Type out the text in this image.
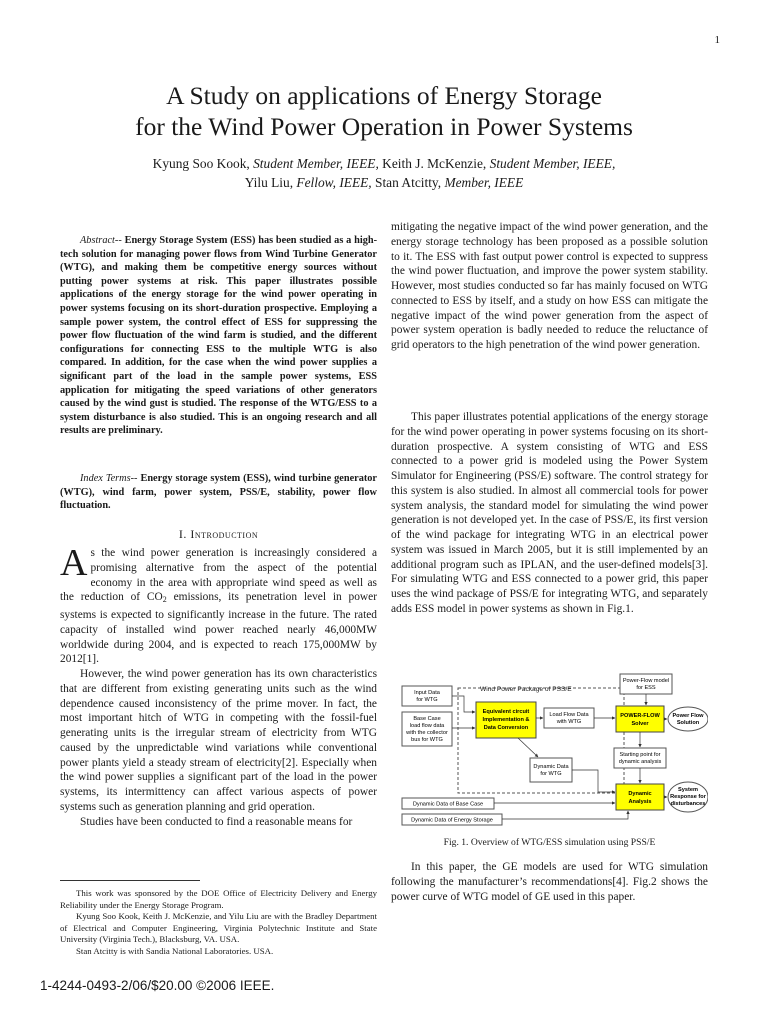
1
A Study on applications of Energy Storage
for the Wind Power Operation in Power Systems
Kyung Soo Kook, Student Member, IEEE, Keith J. McKenzie, Student Member, IEEE,
Yilu Liu, Fellow, IEEE, Stan Atcitty, Member, IEEE
Abstract-- Energy Storage System (ESS) has been studied as a high-tech solution for managing power flows from Wind Turbine Generator (WTG), and making them be competitive energy sources without putting power systems at risk. This paper illustrates possible applications of the energy storage for the wind power operating in power systems focusing on its short-duration prospective. Employing a sample power system, the control effect of ESS for suppressing the power flow fluctuation of the wind farm is studied, and the different configurations for connecting ESS to the multiple WTG is also compared. In addition, for the case when the wind power supplies a significant part of the load in the sample power systems, ESS application for mitigating the speed variations of other generators caused by the wind gust is studied. The response of the WTG/ESS to a system disturbance is also studied. This is an ongoing research and all results are preliminary.
Index Terms-- Energy storage system (ESS), wind turbine generator (WTG), wind farm, power system, PSS/E, stability, power flow fluctuation.
I. Introduction

As the wind power generation is increasingly considered a promising alternative from the aspect of the potential economy in the area with appropriate wind speed as well as the reduction of $CO_2$ emissions, its penetration level in power systems is expected to significantly increase in the future. The rated capacity of installed wind power reached nearly 46,000MW worldwide during 2004, and is expected to reach 175,000MW by 2012[1].

However, the wind power generation has its own characteristics that are different from existing generating units such as the wind dependence caused inconsistency of the prime mover. In fact, the most important hitch of WTG in competing with the fossil-fuel generating units is the irregular stream of electricity from WTG caused by the unpredictable wind variations while conventional power plants yield a steady stream of electricity[2]. Especially when the wind power supplies a significant part of the load in the power systems, its intermittency can affect various aspects of power systems such as generation planning and grid operation.

Studies have been conducted to find a reasonable means for

This work was sponsored by the DOE Office of Electricity Delivery and Energy Reliability under the Energy Storage Program.

Kyung Soo Kook, Keith J. McKenzie, and Yilu Liu are with the Bradley Department of Electrical and Computer Engineering, Virginia Polytechnic Institute and State University (Virginia Tech.), Blacksburg, VA. USA.

Stan Atcitty is with Sandia National Laboratories. USA.

1-4244-0493-2/06/$20.00 ©2006 IEEE.
mitigating the negative impact of the wind power generation, and the energy storage technology has been proposed as a possible solution to it. The ESS with fast output power control is expected to suppress the wind power fluctuation, and improve the power system stability. However, most studies conducted so far has mainly focused on WTG connected to ESS by itself, and a study on how ESS can mitigate the negative impact of the wind power generation from the aspect of power system operation is badly needed to reduce the reluctance of grid operators to the high penetration of the wind power generation.
This paper illustrates potential applications of the energy storage for the wind power operating in power systems focusing on its short-duration prospective. A system consisting of WTG and ESS connected to a power grid is modeled using the Power System Simulator for Engineering (PSS/E) software. The control strategy for this system is also studied. In almost all commercial tools for power system analysis, the standard model for simulating the wind power generation is not developed yet. In the case of PSS/E, its first version of the wind package for integrating WTG in an electrical power system was issued in March 2005, but it is still implemented by an additional program such as IPLAN, and the user-defined models[3]. For simulating WTG and ESS connected to a power grid, this paper uses the wind package of PSS/E for integrating WTG, and separately adds ESS model in power systems as shown in Fig.1.
Wind Power Package of PSS/E
Input Data
for WTG
Base Case
load flow data
with the collector
bus for WTG
Equivalent circuit
Implementation &
Data Conversion
Load Flow Data
with WTG
Dynamic Data
for WTG
Power-Flow model
for ESS
POWER-FLOW
Solver
Power Flow
Solution
Starting point for
dynamic analysis
Dynamic
Analysis
System
Response for
disturbances
Dynamic Data of Base Case
Dynamic Data of Energy Storage
Fig. 1. Overview of WTG/ESS simulation using PSS/E
In this paper, the GE models are used for WTG simulation following the manufacturer’s recommendations[4]. Fig.2 shows the power curve of WTG model of GE used in this paper.
